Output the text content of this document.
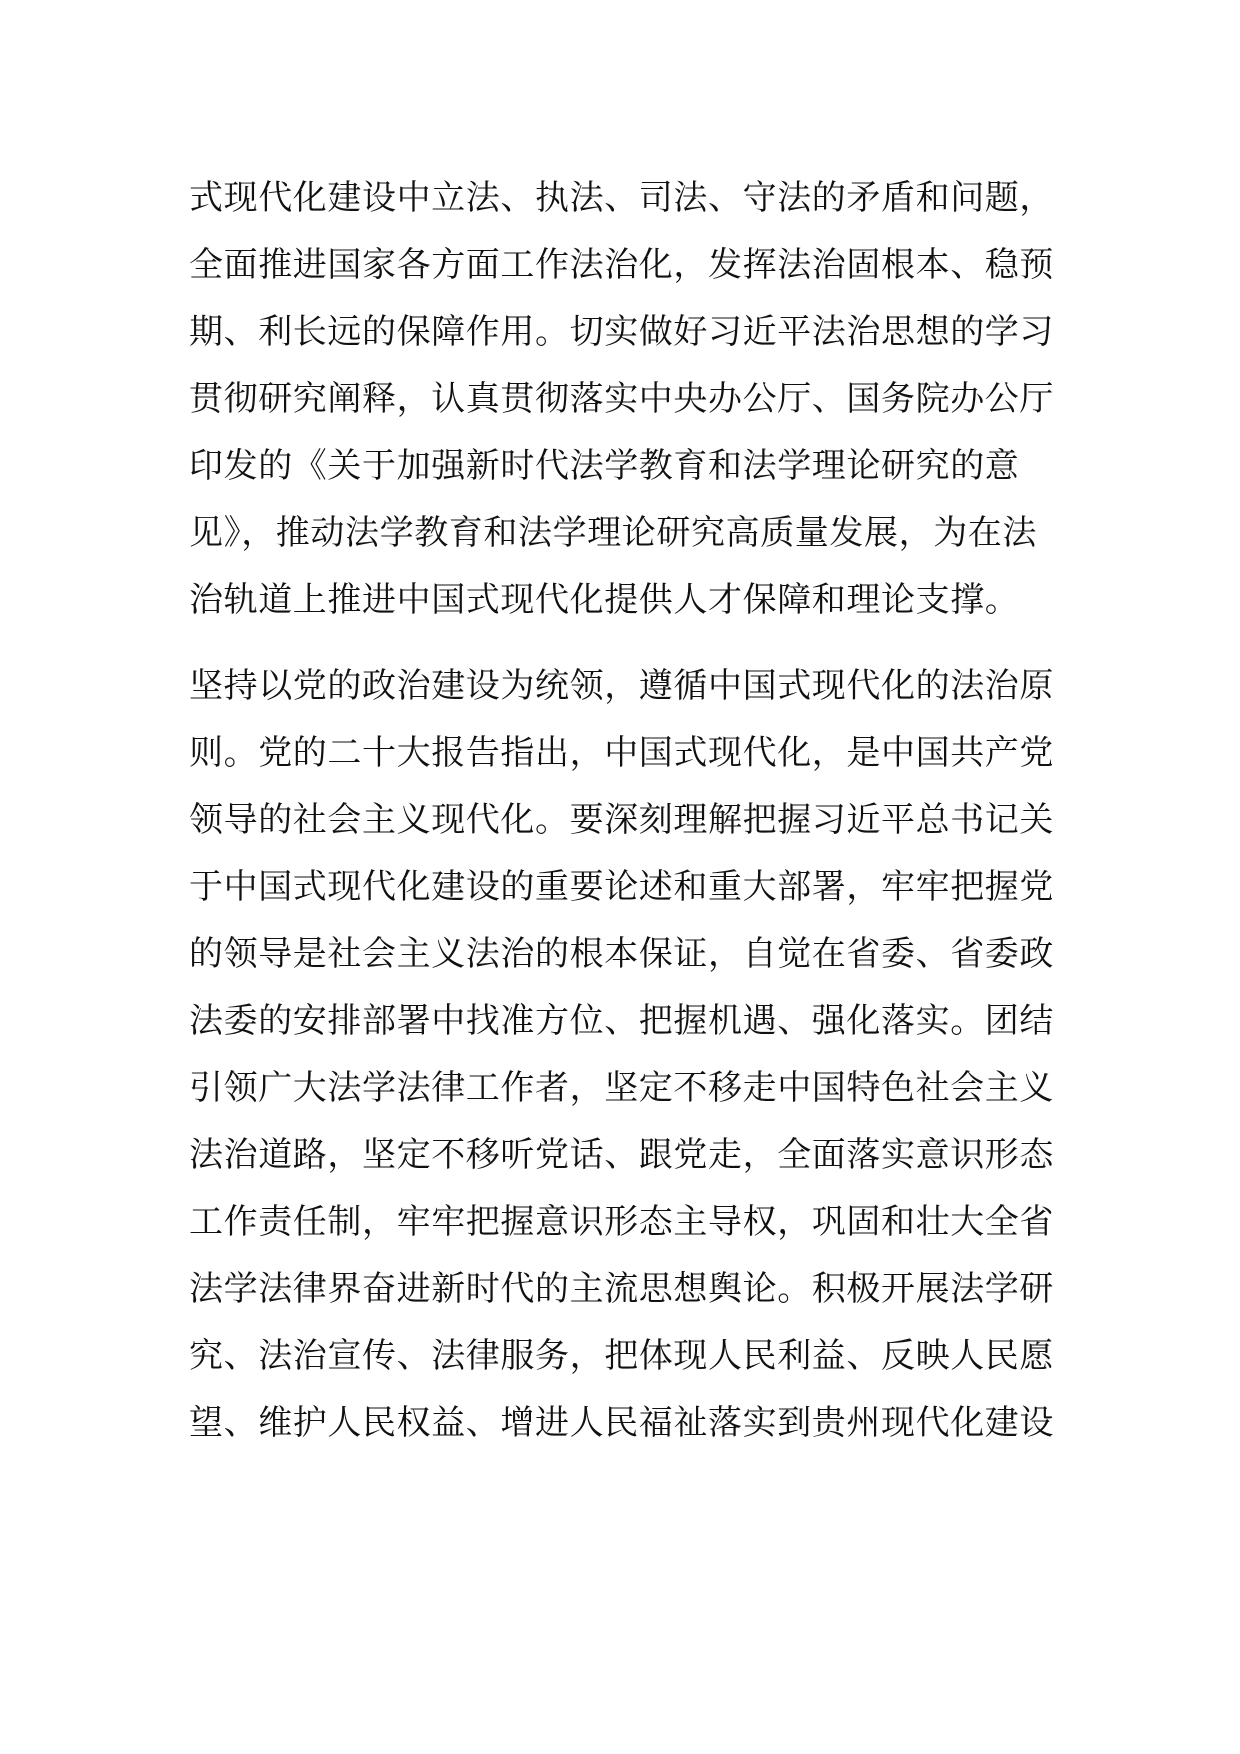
式现代化建设中立法、执法、司法、守法的矛盾和问题，
全面推进国家各方面工作法治化，发挥法治固根本、稳预
期、利长远的保障作用。切实做好习近平法治思想的学习
贯彻研究阐释，认真贯彻落实中央办公厅、国务院办公厅
印发的《关于加强新时代法学教育和法学理论研究的意
见》，推动法学教育和法学理论研究高质量发展，为在法
治轨道上推进中国式现代化提供人才保障和理论支撑。
坚持以党的政治建设为统领，遵循中国式现代化的法治原
则。党的二十大报告指出，中国式现代化，是中国共产党
领导的社会主义现代化。要深刻理解把握习近平总书记关
于中国式现代化建设的重要论述和重大部署，牢牢把握党
的领导是社会主义法治的根本保证，自觉在省委、省委政
法委的安排部署中找准方位、把握机遇、强化落实。团结
引领广大法学法律工作者，坚定不移走中国特色社会主义
法治道路，坚定不移听党话、跟党走，全面落实意识形态
工作责任制，牢牢把握意识形态主导权，巩固和壮大全省
法学法律界奋进新时代的主流思想舆论。积极开展法学研
究、法治宣传、法律服务，把体现人民利益、反映人民愿
望、维护人民权益、增进人民福祉落实到贵州现代化建设
